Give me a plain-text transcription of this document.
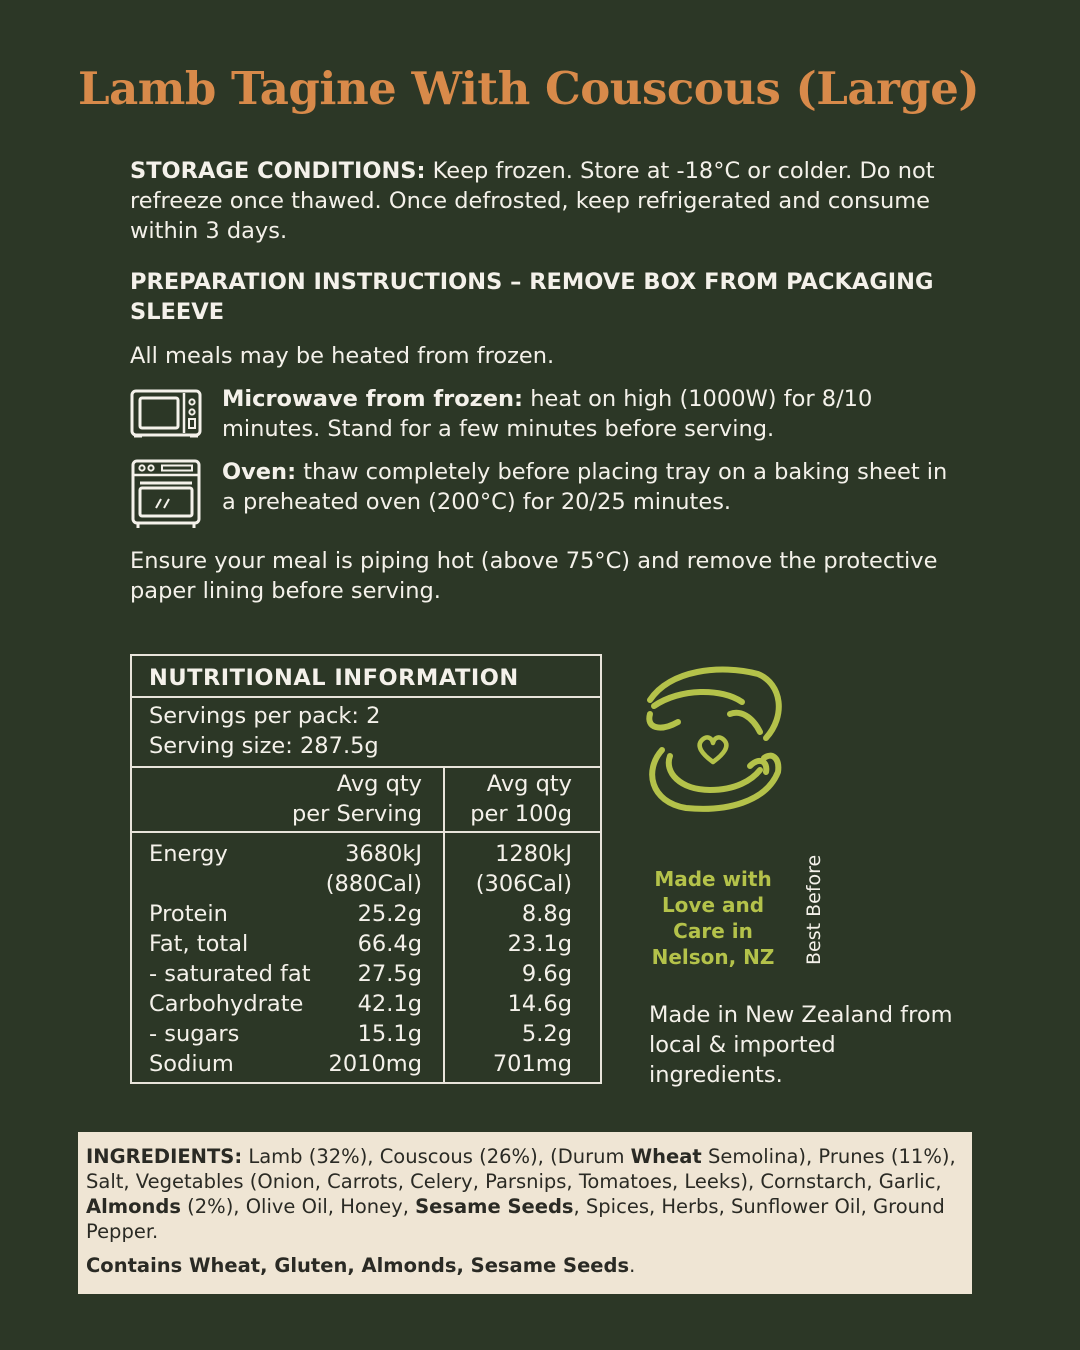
Lamb Tagine With Couscous (Large)
STORAGE CONDITIONS: Keep frozen. Store at -18°C or colder. Do not refreeze once thawed. Once defrosted, keep refrigerated and consume within 3 days.
PREPARATION INSTRUCTIONS – REMOVE BOX FROM PACKAGING SLEEVE
All meals may be heated from frozen.
Microwave from frozen: heat on high (1000W) for 8/10 minutes. Stand for a few minutes before serving.
Oven: thaw completely before placing tray on a baking sheet in a preheated oven (200°C) for 20/25 minutes.
Ensure your meal is piping hot (above 75°C) and remove the protective paper lining before serving.
NUTRITIONAL INFORMATION
Servings per pack: 2
Serving size: 287.5g
Avg qty
per Serving
Avg qty
per 100g
Energy	3680kJ	1280kJ
(880Cal) (306Cal)
Protein	25.2g	8.8g
Fat, total	66.4g	23.1g
- saturated fat 27.5g	9.6g
Carbohydrate 42.1g	14.6g
- sugars	15.1g	5.2g
Sodium	2010mg	701mg
Made with
Love and
Care in
Nelson, NZ	Best Before
Made in New Zealand from local & imported ingredients.

INGREDIENTS: Lamb (32%), Couscous (26%), (Durum Wheat Semolina), Prunes (11%), Salt, Vegetables (Onion, Carrots, Celery, Parsnips, Tomatoes, Leeks), Cornstarch, Garlic, Almonds (2%), Olive Oil, Honey, Sesame Seeds, Spices, Herbs, Sunflower Oil, Ground Pepper.

Contains Wheat, Gluten, Almonds, Sesame Seeds.
